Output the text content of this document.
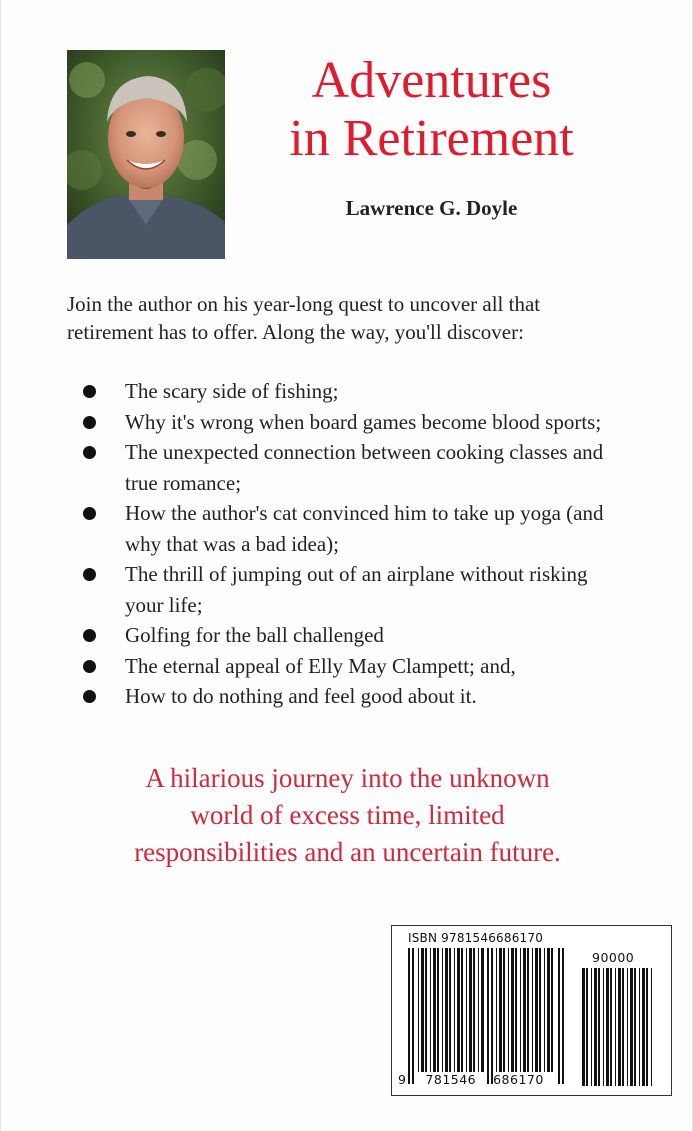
Adventures
in Retirement
Lawrence G. Doyle

Join the author on his year-long quest to uncover all that retirement has to offer. Along the way, you'll discover:

The scary side of fishing;
Why it's wrong when board games become blood sports;
The unexpected connection between cooking classes and true romance;
How the author's cat convinced him to take up yoga (and why that was a bad idea);
The thrill of jumping out of an airplane without risking your life;
Golfing for the ball challenged
The eternal appeal of Elly May Clampett; and,
How to do nothing and feel good about it.

A hilarious journey into the unknown
world of excess time, limited
responsibilities and an uncertain future.

ISBN 9781546686170
9 781546 686170
90000
